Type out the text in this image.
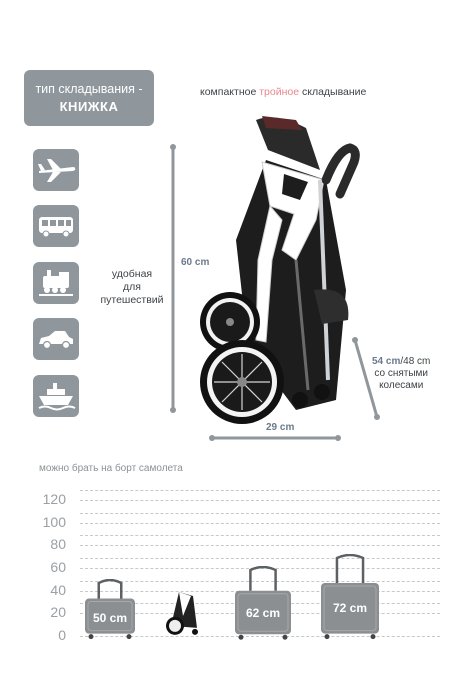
тип складывания -
КНИЖКА
компактное тройное складывание
удобная
для
путешествий
60 cm
29 cm
54 cm/48 cm
со снятыми
колесами
можно брать на борт самолета
120
100
80
60
40
20
0
50 cm	62 cm	72 cm
